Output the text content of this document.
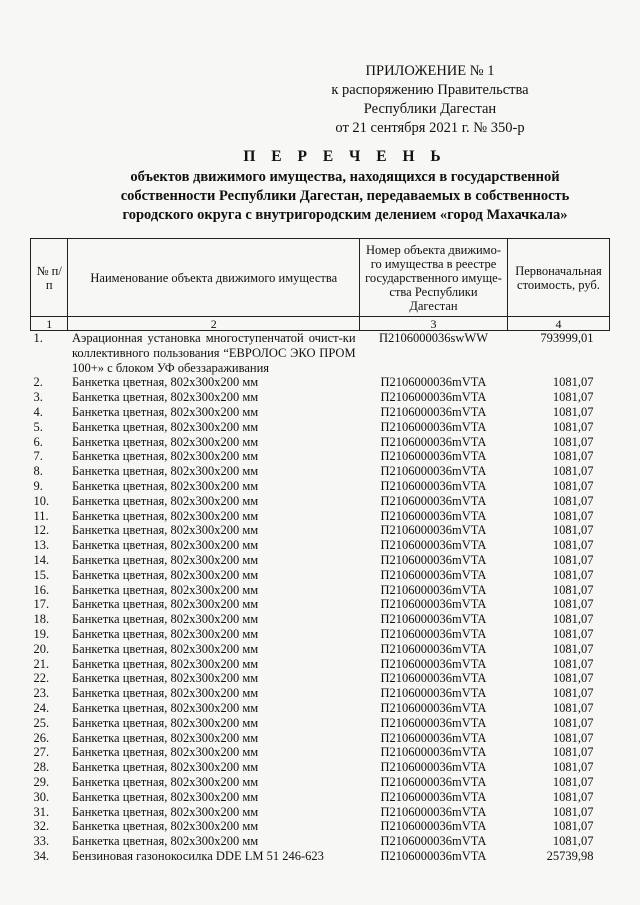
ПРИЛОЖЕНИЕ № 1
к распоряжению Правительства
Республики Дагестан
от 21 сентября 2021 г. № 350-р
П Е Р Е Ч Е Н Ь
объектов движимого имущества, находящихся в государственной
собственности Республики Дагестан, передаваемых в собственность
городского округа с внутригородским делением «город Махачкала»
№ п/п	Наименование объекта движимого имущества	Номер объекта движимо-го имущества в реестре государственного имуще-ства Республики Дагестан	Первоначальная стоимость, руб.
1	2	3	4
1.	Аэрационная установка многоступенчатой очист-ки коллективного пользования “ЕВРОЛОС ЭКО ПРОМ 100+» с блоком УФ обеззараживания	П2106000036swWW	793999,01
2.	Банкетка цветная, 802x300x200 мм	П2106000036mVTA	1081,07
3.	Банкетка цветная, 802x300x200 мм	П2106000036mVTA	1081,07
4.	Банкетка цветная, 802x300x200 мм	П2106000036mVTA	1081,07
5.	Банкетка цветная, 802x300x200 мм	П2106000036mVTA	1081,07
6.	Банкетка цветная, 802x300x200 мм	П2106000036mVTA	1081,07
7.	Банкетка цветная, 802x300x200 мм	П2106000036mVTA	1081,07
8.	Банкетка цветная, 802x300x200 мм	П2106000036mVTA	1081,07
9.	Банкетка цветная, 802x300x200 мм	П2106000036mVTA	1081,07
10.	Банкетка цветная, 802x300x200 мм	П2106000036mVTA	1081,07
11.	Банкетка цветная, 802x300x200 мм	П2106000036mVTA	1081,07
12.	Банкетка цветная, 802x300x200 мм	П2106000036mVTA	1081,07
13.	Банкетка цветная, 802x300x200 мм	П2106000036mVTA	1081,07
14.	Банкетка цветная, 802x300x200 мм	П2106000036mVTA	1081,07
15.	Банкетка цветная, 802x300x200 мм	П2106000036mVTA	1081,07
16.	Банкетка цветная, 802x300x200 мм	П2106000036mVTA	1081,07
17.	Банкетка цветная, 802x300x200 мм	П2106000036mVTA	1081,07
18.	Банкетка цветная, 802x300x200 мм	П2106000036mVTA	1081,07
19.	Банкетка цветная, 802x300x200 мм	П2106000036mVTA	1081,07
20.	Банкетка цветная, 802x300x200 мм	П2106000036mVTA	1081,07
21.	Банкетка цветная, 802x300x200 мм	П2106000036mVTA	1081,07
22.	Банкетка цветная, 802x300x200 мм	П2106000036mVTA	1081,07
23.	Банкетка цветная, 802x300x200 мм	П2106000036mVTA	1081,07
24.	Банкетка цветная, 802x300x200 мм	П2106000036mVTA	1081,07
25.	Банкетка цветная, 802x300x200 мм	П2106000036mVTA	1081,07
26.	Банкетка цветная, 802x300x200 мм	П2106000036mVTA	1081,07
27.	Банкетка цветная, 802x300x200 мм	П2106000036mVTA	1081,07
28.	Банкетка цветная, 802x300x200 мм	П2106000036mVTA	1081,07
29.	Банкетка цветная, 802x300x200 мм	П2106000036mVTA	1081,07
30.	Банкетка цветная, 802x300x200 мм	П2106000036mVTA	1081,07
31.	Банкетка цветная, 802x300x200 мм	П2106000036mVTA	1081,07
32.	Банкетка цветная, 802x300x200 мм	П2106000036mVTA	1081,07
33.	Банкетка цветная, 802x300x200 мм	П2106000036mVTA	1081,07
34.	Бензиновая газонокосилка DDE LM 51 246-623	П2106000036mVTA	25739,98
